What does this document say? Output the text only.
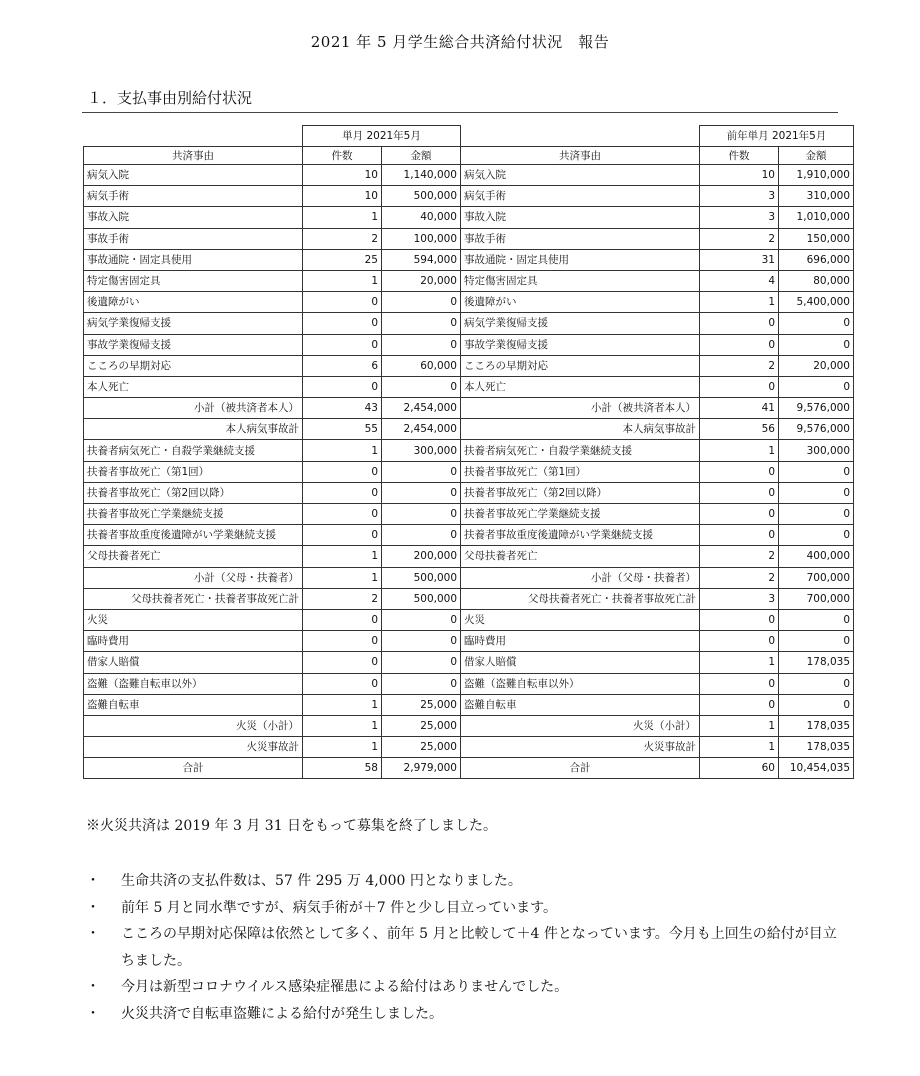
2021 年 5 月学生総合共済給付状況　報告
１．支払事由別給付状況
	単月 2021年5月			前年単月 2021年5月	
共済事由	件数	金額	共済事由	件数	金額
病気入院	10	1,140,000	病気入院	10	1,910,000
病気手術	10	500,000	病気手術	3	310,000
事故入院	1	40,000	事故入院	3	1,010,000
事故手術	2	100,000	事故手術	2	150,000
事故通院・固定具使用	25	594,000	事故通院・固定具使用	31	696,000
特定傷害固定具	1	20,000	特定傷害固定具	4	80,000
後遺障がい	0	0	後遺障がい	1	5,400,000
病気学業復帰支援	0	0	病気学業復帰支援	0	0
事故学業復帰支援	0	0	事故学業復帰支援	0	0
こころの早期対応	6	60,000	こころの早期対応	2	20,000
本人死亡	0	0	本人死亡	0	0
小計（被共済者本人）	43	2,454,000	小計（被共済者本人）	41	9,576,000
本人病気事故計	55	2,454,000	本人病気事故計	56	9,576,000
扶養者病気死亡・自殺学業継続支援	1	300,000	扶養者病気死亡・自殺学業継続支援	1	300,000
扶養者事故死亡（第1回）	0	0	扶養者事故死亡（第1回）	0	0
扶養者事故死亡（第2回以降）	0	0	扶養者事故死亡（第2回以降）	0	0
扶養者事故死亡学業継続支援	0	0	扶養者事故死亡学業継続支援	0	0
扶養者事故重度後遺障がい学業継続支援	0	0	扶養者事故重度後遺障がい学業継続支援	0	0
父母扶養者死亡	1	200,000	父母扶養者死亡	2	400,000
小計（父母・扶養者）	1	500,000	小計（父母・扶養者）	2	700,000
父母扶養者死亡・扶養者事故死亡計	2	500,000	父母扶養者死亡・扶養者事故死亡計	3	700,000
火災	0	0	火災	0	0
臨時費用	0	0	臨時費用	0	0
借家人賠償	0	0	借家人賠償	1	178,035
盗難（盗難自転車以外）	0	0	盗難（盗難自転車以外）	0	0
盗難自転車	1	25,000	盗難自転車	0	0
火災（小計）	1	25,000	火災（小計）	1	178,035
火災事故計	1	25,000	火災事故計	1	178,035
合計	58	2,979,000	合計	60	10,454,035
※火災共済は 2019 年 3 月 31 日をもって募集を終了しました。
・ 生命共済の支払件数は、57 件 295 万 4,000 円となりました。
・ 前年 5 月と同水準ですが、病気手術が＋7 件と少し目立っています。
・ こころの早期対応保障は依然として多く、前年 5 月と比較して＋4 件となっています。今月も上回生の給付が目立ちました。
・ 今月は新型コロナウイルス感染症罹患による給付はありませんでした。
・ 火災共済で自転車盗難による給付が発生しました。
